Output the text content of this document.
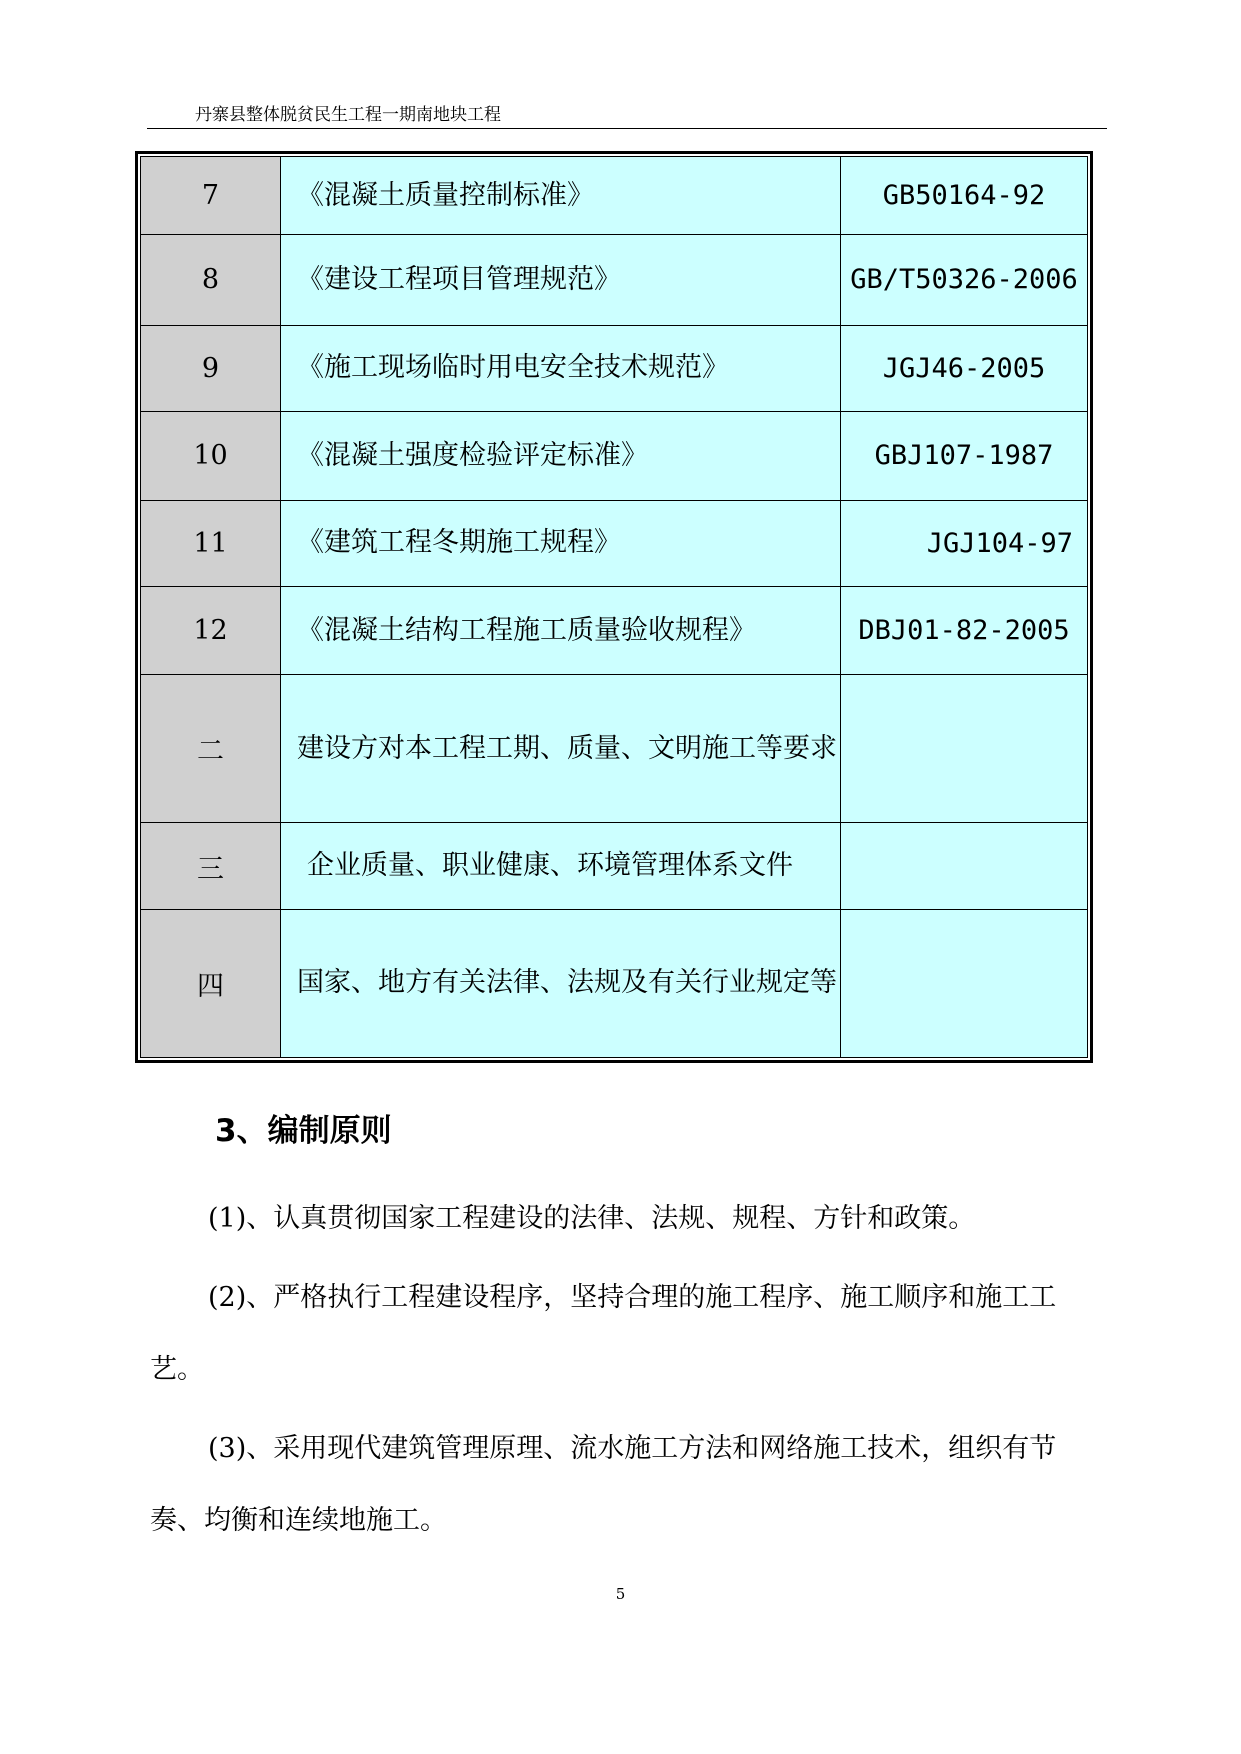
丹寨县整体脱贫民生工程一期南地块工程
7	《混凝土质量控制标准》	GB50164-92
8	《建设工程项目管理规范》	GB/T50326-2006
9	《施工现场临时用电安全技术规范》	JGJ46-2005
10	《混凝土强度检验评定标准》	GBJ107-1987
11	《建筑工程冬期施工规程》	JGJ104-97
12	《混凝土结构工程施工质量验收规程》	DBJ01-82-2005
二	建设方对本工程工期、质量、文明施工等要求	
三	企业质量、职业健康、环境管理体系文件	
四	国家、地方有关法律、法规及有关行业规定等	
3、编制原则
(1)、认真贯彻国家工程建设的法律、法规、规程、方针和政策。
(2)、严格执行工程建设程序，坚持合理的施工程序、施工顺序和施工工艺。
(3)、采用现代建筑管理原理、流水施工方法和网络施工技术，组织有节奏、均衡和连续地施工。
5
